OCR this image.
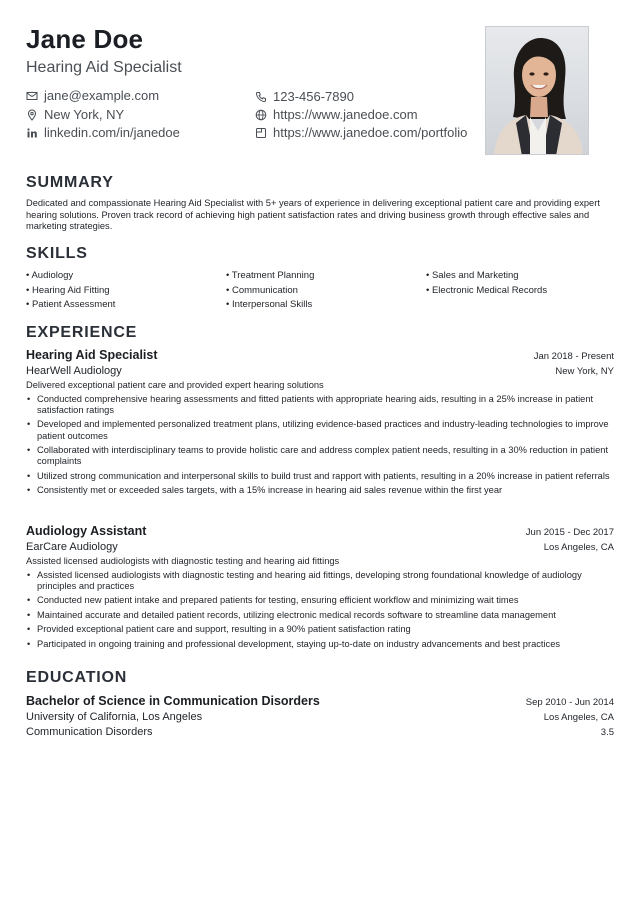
Jane Doe
Hearing Aid Specialist
jane@example.com
New York, NY
linkedin.com/in/janedoe
123-456-7890
https://www.janedoe.com
https://www.janedoe.com/portfolio
SUMMARY
Dedicated and compassionate Hearing Aid Specialist with 5+ years of experience in delivering exceptional patient care and providing expert hearing solutions. Proven track record of achieving high patient satisfaction rates and driving business growth through effective sales and marketing strategies.
SKILLS
• Audiology	• Treatment Planning	• Sales and Marketing
• Hearing Aid Fitting	• Communication	• Electronic Medical Records
• Patient Assessment	• Interpersonal Skills
EXPERIENCE
Hearing Aid Specialist	Jan 2018 - Present
HearWell Audiology	New York, NY
Delivered exceptional patient care and provided expert hearing solutions
• Conducted comprehensive hearing assessments and fitted patients with appropriate hearing aids, resulting in a 25% increase in patient satisfaction ratings
• Developed and implemented personalized treatment plans, utilizing evidence-based practices and industry-leading technologies to improve patient outcomes
• Collaborated with interdisciplinary teams to provide holistic care and address complex patient needs, resulting in a 30% reduction in patient complaints
• Utilized strong communication and interpersonal skills to build trust and rapport with patients, resulting in a 20% increase in patient referrals
• Consistently met or exceeded sales targets, with a 15% increase in hearing aid sales revenue within the first year
Audiology Assistant	Jun 2015 - Dec 2017
EarCare Audiology	Los Angeles, CA
Assisted licensed audiologists with diagnostic testing and hearing aid fittings
• Assisted licensed audiologists with diagnostic testing and hearing aid fittings, developing strong foundational knowledge of audiology principles and practices
• Conducted new patient intake and prepared patients for testing, ensuring efficient workflow and minimizing wait times
• Maintained accurate and detailed patient records, utilizing electronic medical records software to streamline data management
• Provided exceptional patient care and support, resulting in a 90% patient satisfaction rating
• Participated in ongoing training and professional development, staying up-to-date on industry advancements and best practices
EDUCATION
Bachelor of Science in Communication Disorders	Sep 2010 - Jun 2014
University of California, Los Angeles	Los Angeles, CA
Communication Disorders	3.5
